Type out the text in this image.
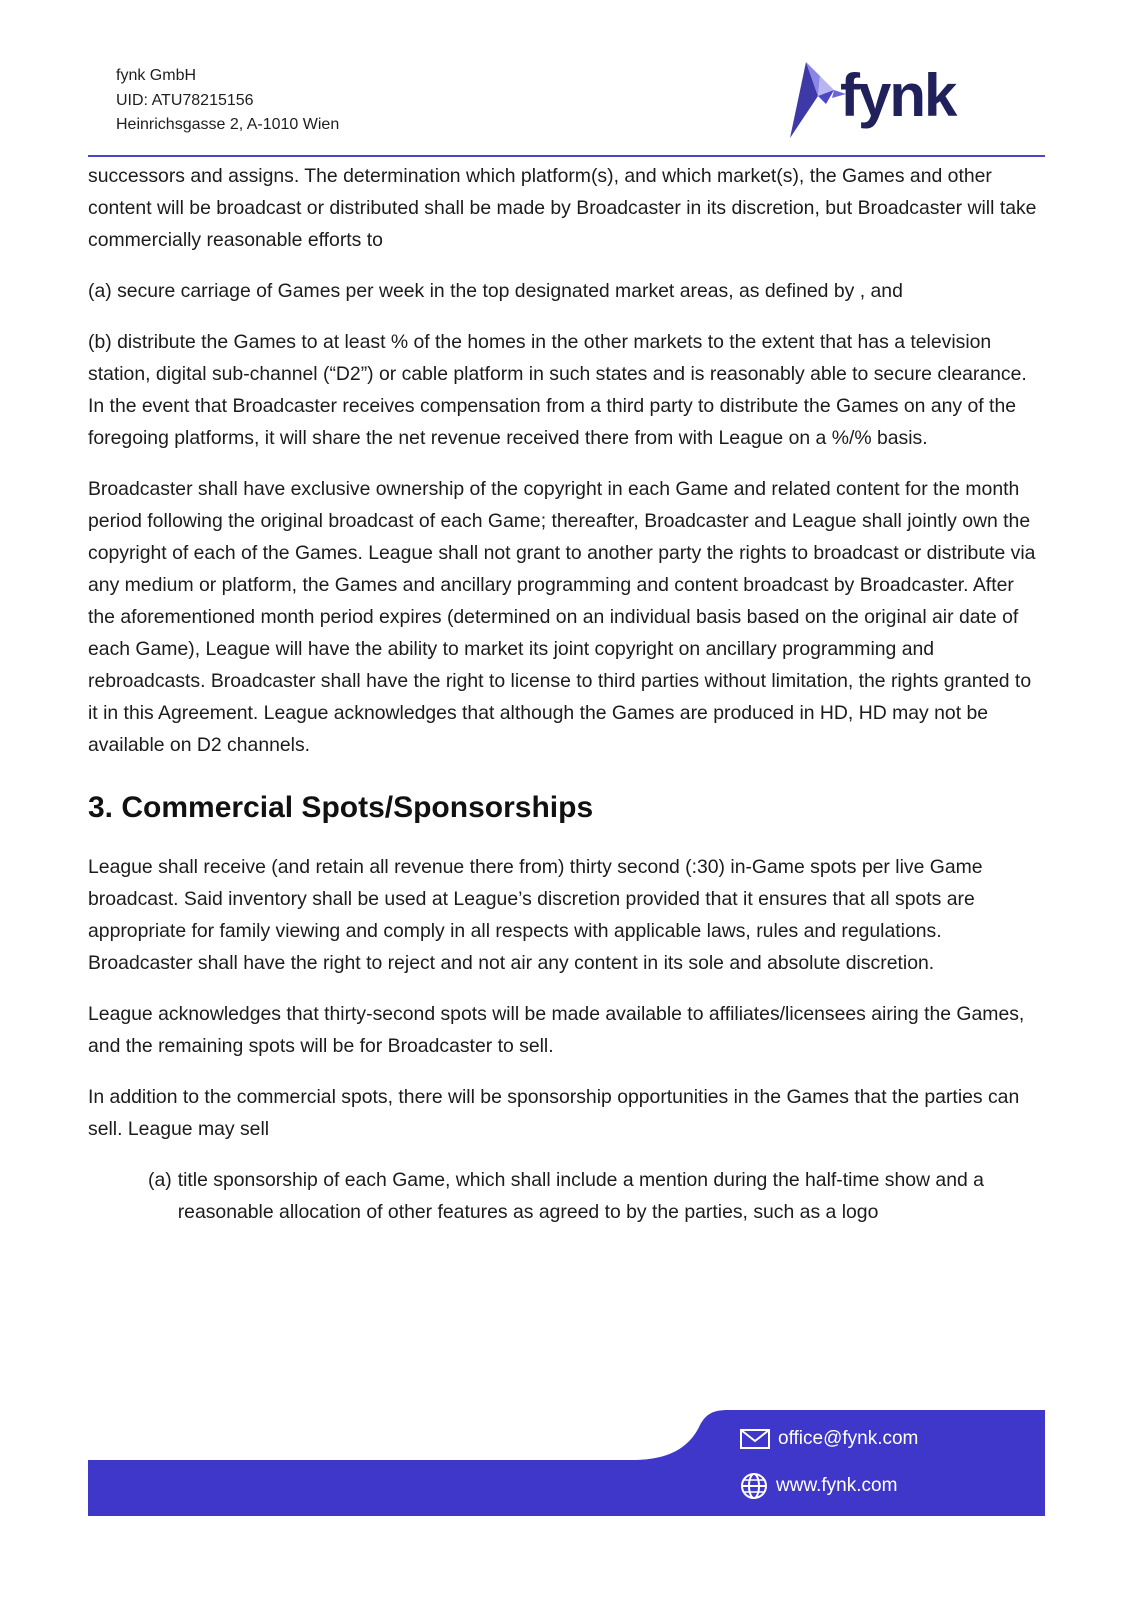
fynk GmbH
UID: ATU78215156
Heinrichsgasse 2, A-1010 Wien	fynk

successors and assigns. The determination which platform(s), and which market(s), the Games and other content will be broadcast or distributed shall be made by Broadcaster in its discretion, but Broadcaster will take commercially reasonable efforts to

(a) secure carriage of Games per week in the top designated market areas, as defined by , and

(b) distribute the Games to at least % of the homes in the other markets to the extent that has a television station, digital sub-channel (“D2”) or cable platform in such states and is reasonably able to secure clearance. In the event that Broadcaster receives compensation from a third party to distribute the Games on any of the foregoing platforms, it will share the net revenue received there from with League on a %/% basis.

Broadcaster shall have exclusive ownership of the copyright in each Game and related content for the month period following the original broadcast of each Game; thereafter, Broadcaster and League shall jointly own the copyright of each of the Games. League shall not grant to another party the rights to broadcast or distribute via any medium or platform, the Games and ancillary programming and content broadcast by Broadcaster. After the aforementioned month period expires (determined on an individual basis based on the original air date of each Game), League will have the ability to market its joint copyright on ancillary programming and rebroadcasts. Broadcaster shall have the right to license to third parties without limitation, the rights granted to it in this Agreement. League acknowledges that although the Games are produced in HD, HD may not be available on D2 channels.

3. Commercial Spots/Sponsorships

League shall receive (and retain all revenue there from) thirty second (:30) in-Game spots per live Game broadcast. Said inventory shall be used at League’s discretion provided that it ensures that all spots are appropriate for family viewing and comply in all respects with applicable laws, rules and regulations. Broadcaster shall have the right to reject and not air any content in its sole and absolute discretion.

League acknowledges that thirty-second spots will be made available to affiliates/licensees airing the Games, and the remaining spots will be for Broadcaster to sell.

In addition to the commercial spots, there will be sponsorship opportunities in the Games that the parties can sell. League may sell

(a) title sponsorship of each Game, which shall include a mention during the half-time show and a reasonable allocation of other features as agreed to by the parties, such as a logo
office@fynk.com
www.fynk.com
